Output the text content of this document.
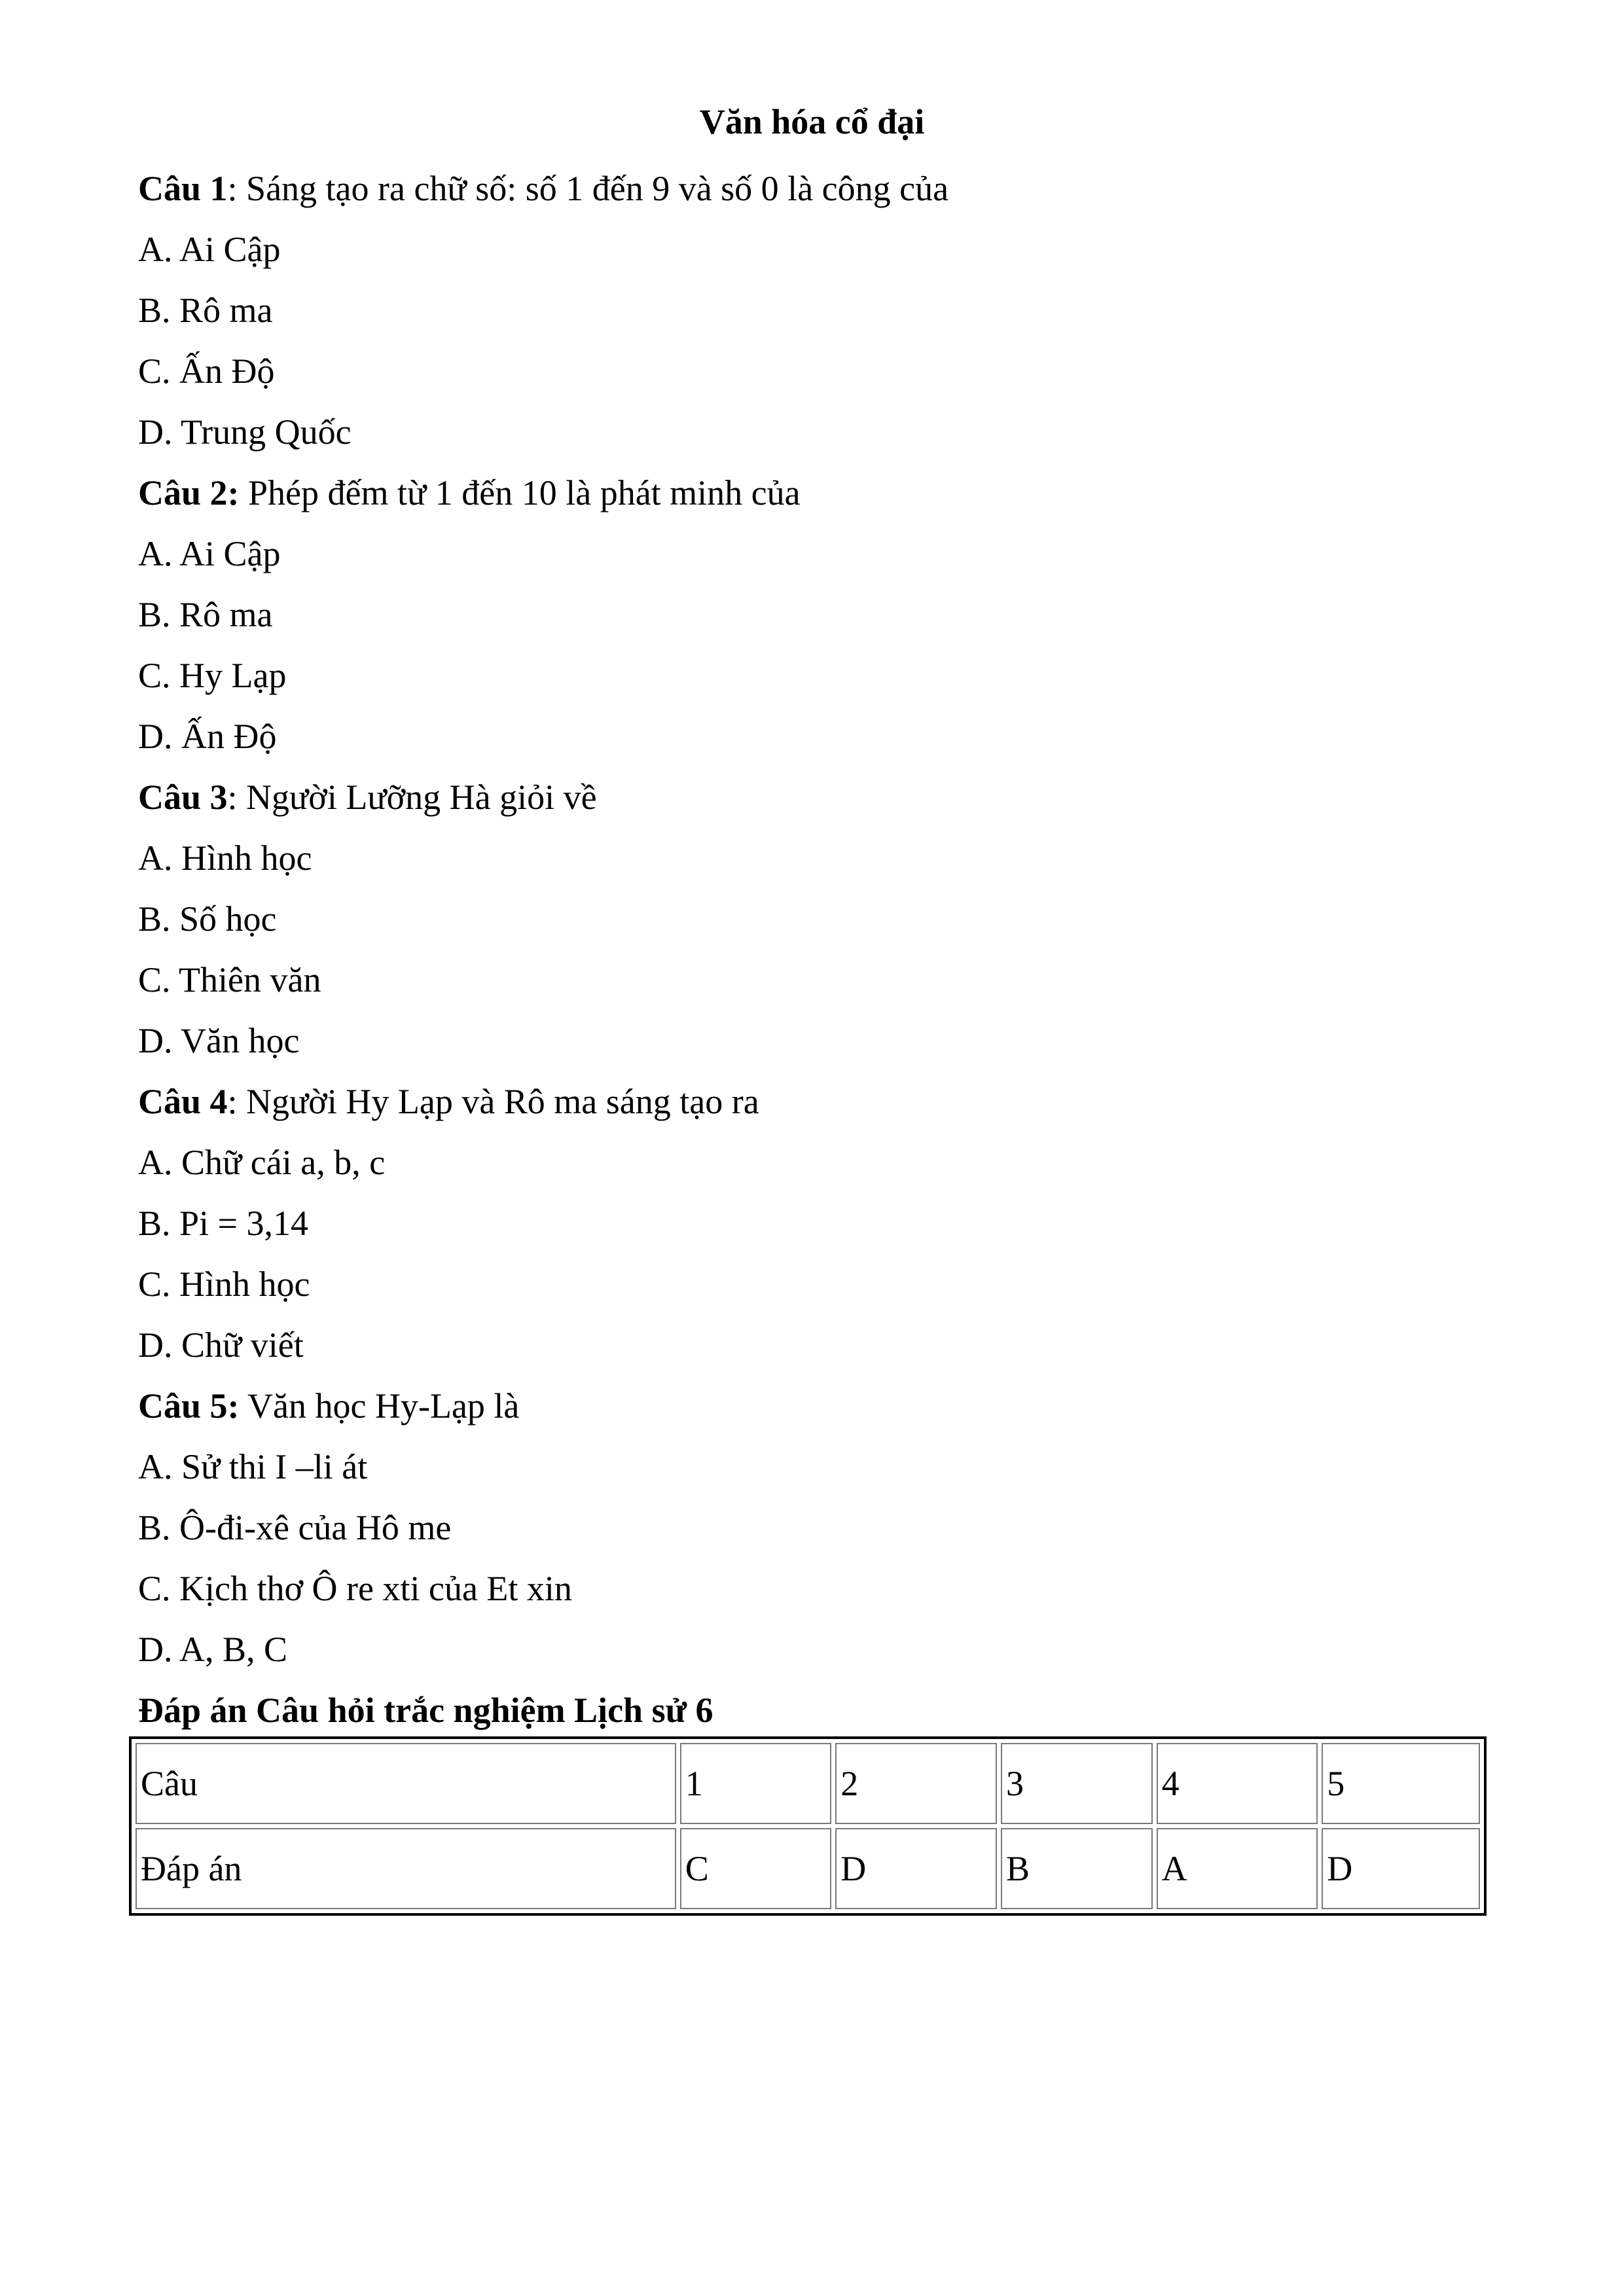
Văn hóa cổ đại
Câu 1: Sáng tạo ra chữ số: số 1 đến 9 và số 0 là công của
A. Ai Cập
B. Rô ma
C. Ấn Độ
D. Trung Quốc
Câu 2: Phép đếm từ 1 đến 10 là phát minh của
A. Ai Cập
B. Rô ma
C. Hy Lạp
D. Ấn Độ
Câu 3: Người Lưỡng Hà giỏi về
A. Hình học
B. Số học
C. Thiên văn
D. Văn học
Câu 4: Người Hy Lạp và Rô ma sáng tạo ra
A. Chữ cái a, b, c
B. Pi = 3,14
C. Hình học
D. Chữ viết
Câu 5: Văn học Hy-Lạp là
A. Sử thi I –li át
B. Ô-đi-xê của Hô me
C. Kịch thơ Ô re xti của Et xin
D. A, B, C
Đáp án Câu hỏi trắc nghiệm Lịch sử 6
Câu	1	2	3	4	5
Đáp án	C	D	B	A	D
